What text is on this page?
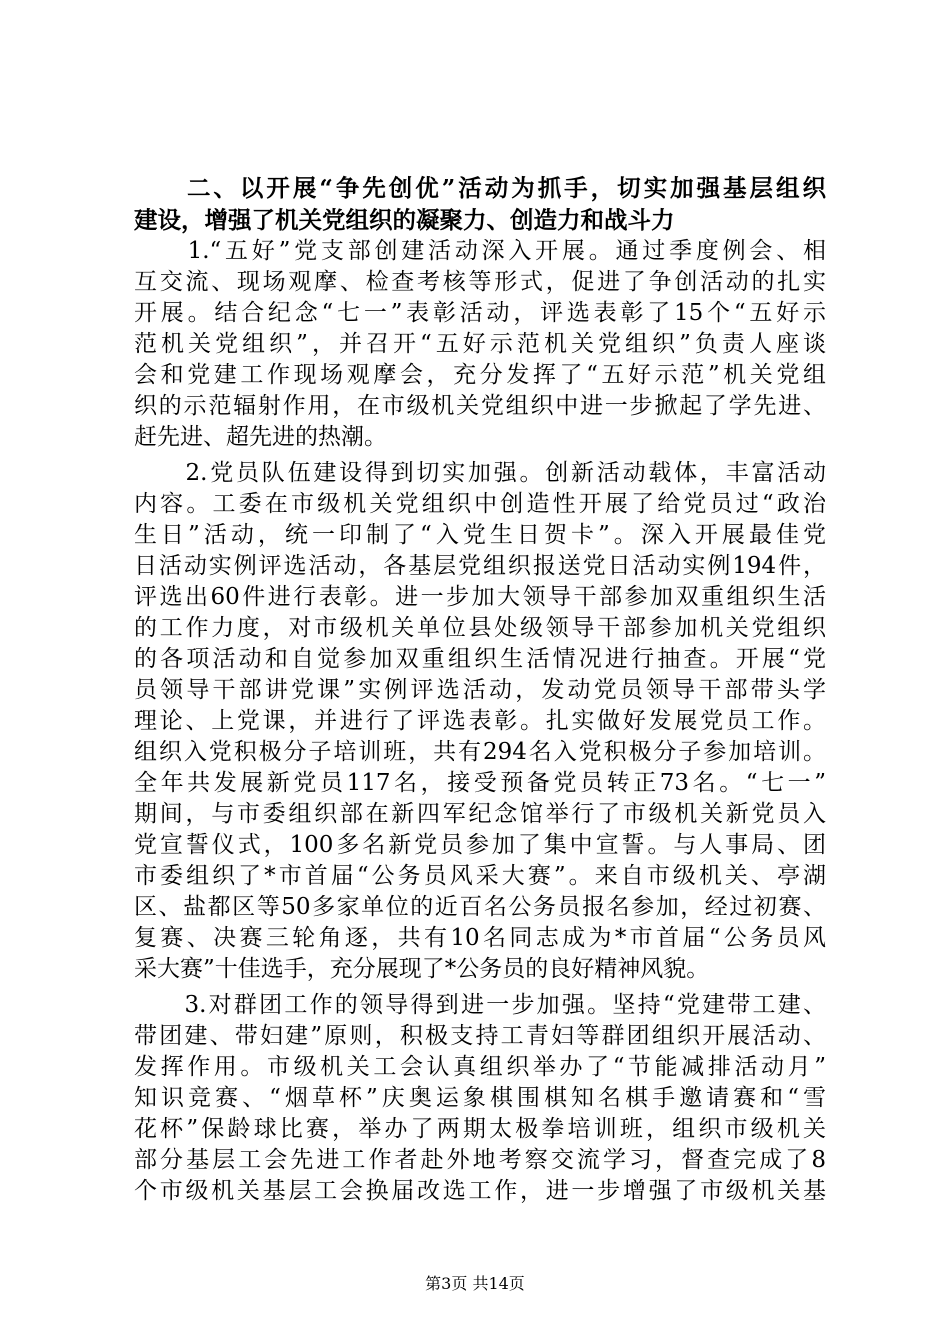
　　二、以开展“争先创优”活动为抓手，切实加强基层组织
建设，增强了机关党组织的凝聚力、创造力和战斗力
　　1.“五好”党支部创建活动深入开展。通过季度例会、相
互交流、现场观摩、检查考核等形式，促进了争创活动的扎实
开展。结合纪念“七一”表彰活动，评选表彰了15个“五好示
范机关党组织”，并召开“五好示范机关党组织”负责人座谈
会和党建工作现场观摩会，充分发挥了“五好示范”机关党组
织的示范辐射作用，在市级机关党组织中进一步掀起了学先进、
赶先进、超先进的热潮。
　　2.党员队伍建设得到切实加强。创新活动载体，丰富活动
内容。工委在市级机关党组织中创造性开展了给党员过“政治
生日”活动，统一印制了“入党生日贺卡”。深入开展最佳党
日活动实例评选活动，各基层党组织报送党日活动实例194件，
评选出60件进行表彰。进一步加大领导干部参加双重组织生活
的工作力度，对市级机关单位县处级领导干部参加机关党组织
的各项活动和自觉参加双重组织生活情况进行抽查。开展“党
员领导干部讲党课”实例评选活动，发动党员领导干部带头学
理论、上党课，并进行了评选表彰。扎实做好发展党员工作。
组织入党积极分子培训班，共有294名入党积极分子参加培训。
全年共发展新党员117名，接受预备党员转正73名。“七一”
期间，与市委组织部在新四军纪念馆举行了市级机关新党员入
党宣誓仪式，100多名新党员参加了集中宣誓。与人事局、团
市委组织了*市首届“公务员风采大赛”。来自市级机关、亭湖
区、盐都区等50多家单位的近百名公务员报名参加，经过初赛、
复赛、决赛三轮角逐，共有10名同志成为*市首届“公务员风
采大赛”十佳选手，充分展现了*公务员的良好精神风貌。
　　3.对群团工作的领导得到进一步加强。坚持“党建带工建、
带团建、带妇建”原则，积极支持工青妇等群团组织开展活动、
发挥作用。市级机关工会认真组织举办了“节能减排活动月”
知识竞赛、“烟草杯”庆奥运象棋围棋知名棋手邀请赛和“雪
花杯”保龄球比赛，举办了两期太极拳培训班，组织市级机关
部分基层工会先进工作者赴外地考察交流学习，督查完成了8
个市级机关基层工会换届改选工作，进一步增强了市级机关基
第3页 共14页
